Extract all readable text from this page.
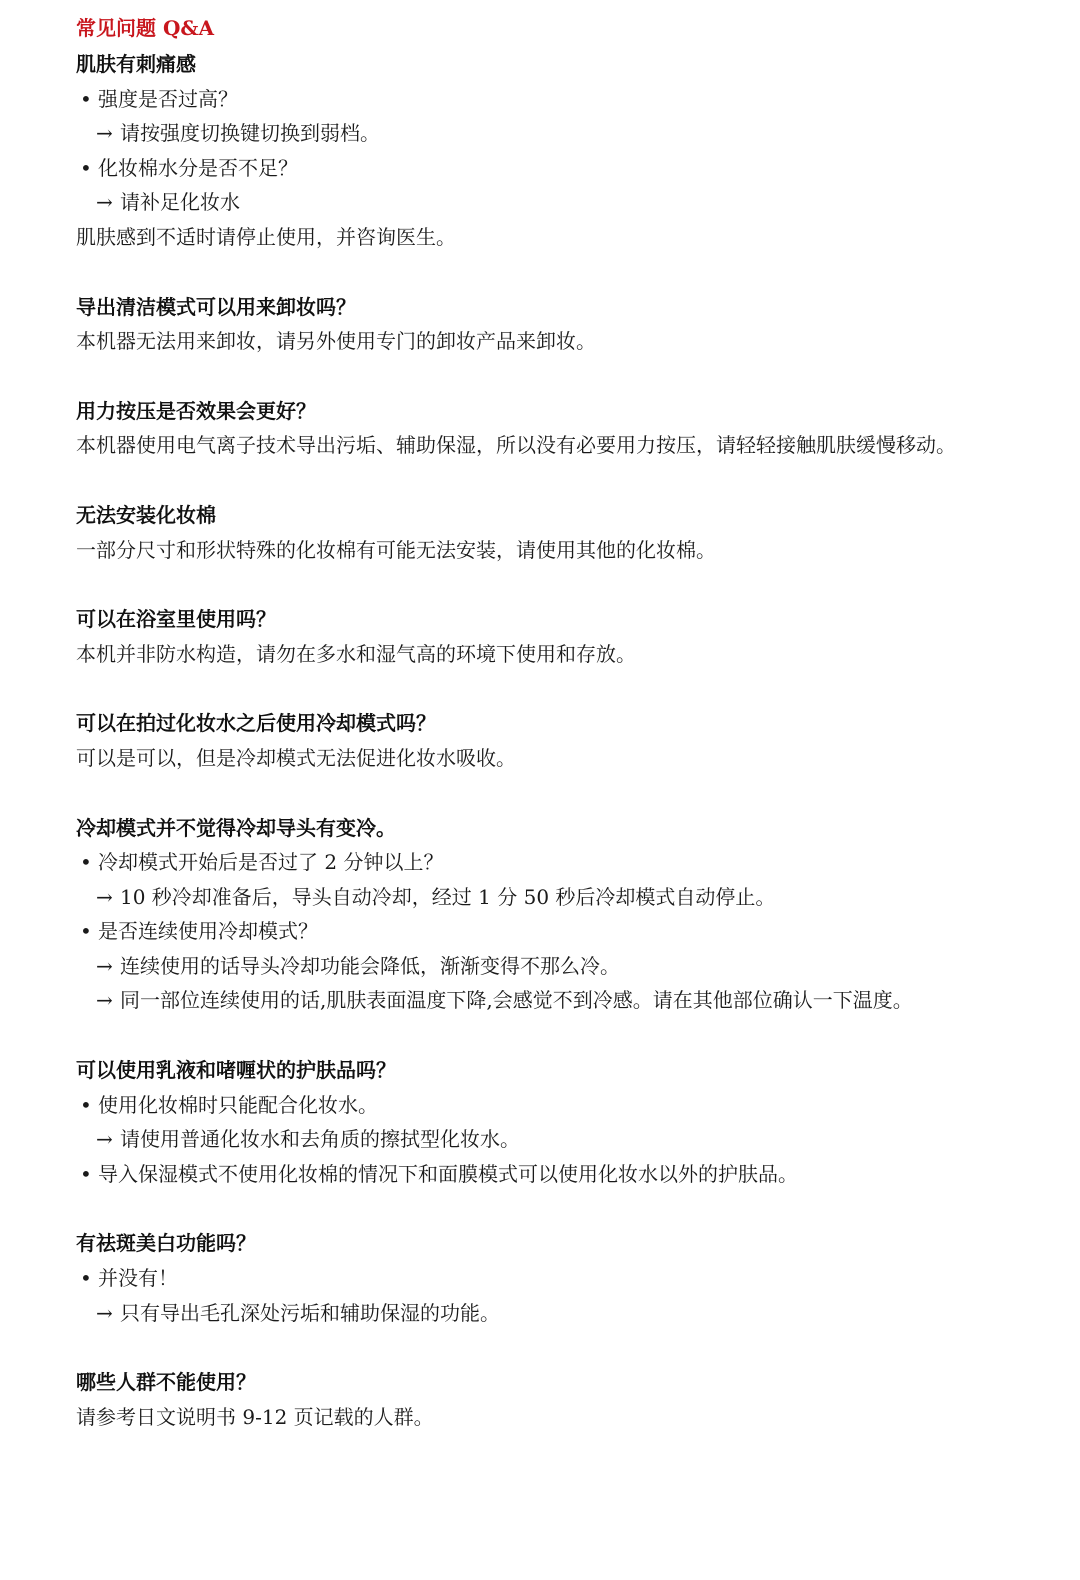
常见问题 Q&A
肌肤有刺痛感
• 强度是否过高？
→ 请按强度切换键切换到弱档。
• 化妆棉水分是否不足？
→ 请补足化妆水
肌肤感到不适时请停止使用，并咨询医生。
导出清洁模式可以用来卸妆吗？
本机器无法用来卸妆，请另外使用专门的卸妆产品来卸妆。
用力按压是否效果会更好？
本机器使用电气离子技术导出污垢、辅助保湿，所以没有必要用力按压，请轻轻接触肌肤缓慢移动。
无法安装化妆棉
一部分尺寸和形状特殊的化妆棉有可能无法安装，请使用其他的化妆棉。
可以在浴室里使用吗？
本机并非防水构造，请勿在多水和湿气高的环境下使用和存放。
可以在拍过化妆水之后使用冷却模式吗？
可以是可以，但是冷却模式无法促进化妆水吸收。
冷却模式并不觉得冷却导头有变冷。
• 冷却模式开始后是否过了 2 分钟以上？
→ 10 秒冷却准备后，导头自动冷却，经过 1 分 50 秒后冷却模式自动停止。
• 是否连续使用冷却模式？
→ 连续使用的话导头冷却功能会降低，渐渐变得不那么冷。
→ 同一部位连续使用的话,肌肤表面温度下降,会感觉不到冷感。请在其他部位确认一下温度。
可以使用乳液和啫喱状的护肤品吗？
• 使用化妆棉时只能配合化妆水。
→ 请使用普通化妆水和去角质的擦拭型化妆水。
• 导入保湿模式不使用化妆棉的情况下和面膜模式可以使用化妆水以外的护肤品。
有祛斑美白功能吗？
• 并没有！
→ 只有导出毛孔深处污垢和辅助保湿的功能。
哪些人群不能使用？
请参考日文说明书 9-12 页记载的人群。
